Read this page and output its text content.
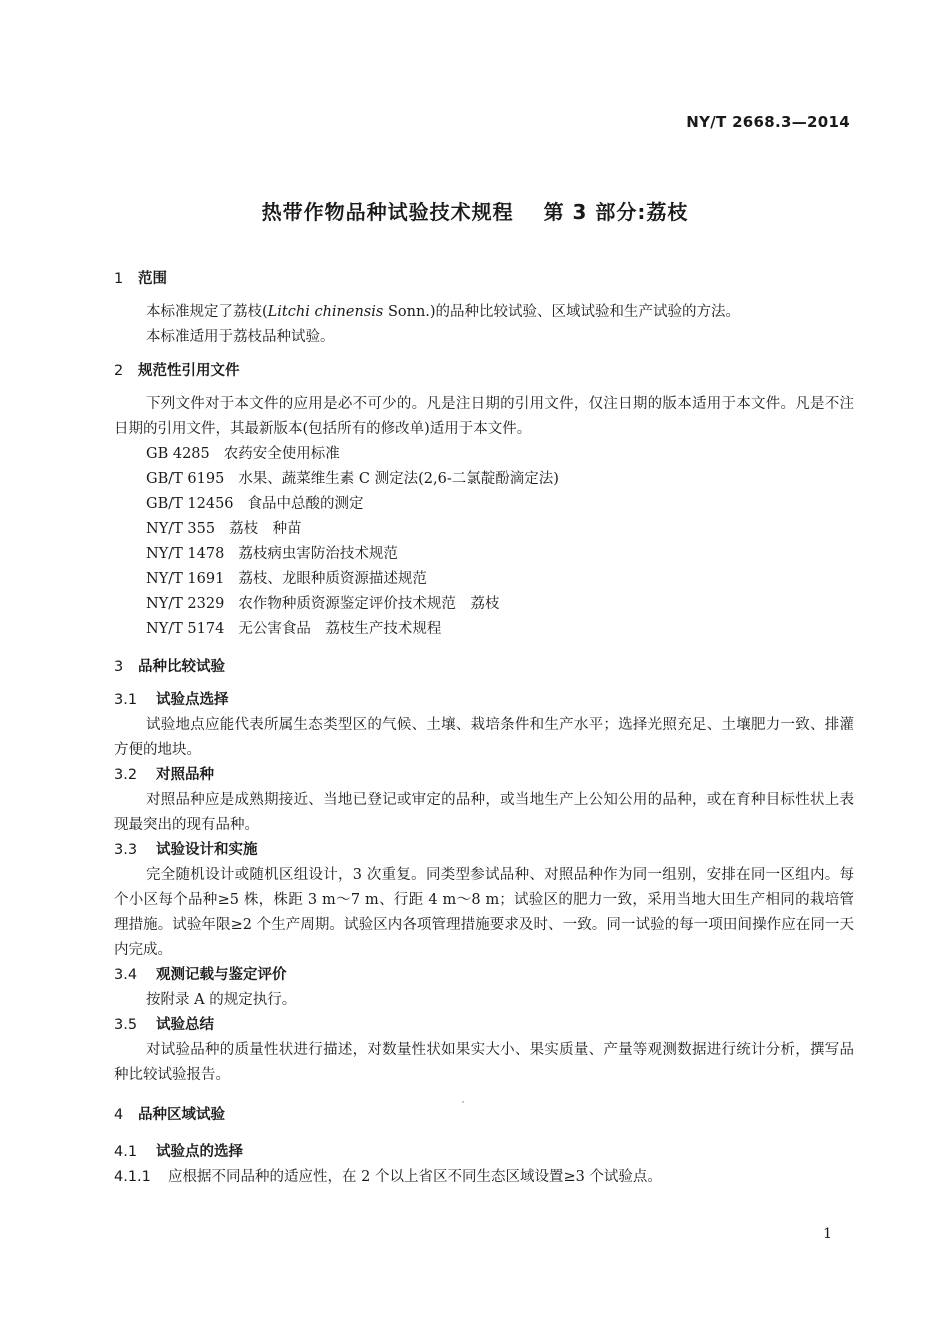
NY/T 2668.3—2014
热带作物品种试验技术规程 第 3 部分:荔枝
1 范围

本标准规定了荔枝(Litchi chinensis Sonn.)的品种比较试验、区域试验和生产试验的方法。

本标准适用于荔枝品种试验。

2 规范性引用文件

下列文件对于本文件的应用是必不可少的。凡是注日期的引用文件，仅注日期的版本适用于本文件。凡是不注日期的引用文件，其最新版本(包括所有的修改单)适用于本文件。

GB 4285 农药安全使用标准
GB/T 6195 水果、蔬菜维生素 C 测定法(2,6-二氯靛酚滴定法)
GB/T 12456 食品中总酸的测定
NY/T 355 荔枝　种苗
NY/T 1478 荔枝病虫害防治技术规范
NY/T 1691 荔枝、龙眼种质资源描述规范
NY/T 2329 农作物种质资源鉴定评价技术规范　荔枝
NY/T 5174 无公害食品　荔枝生产技术规程
3 品种比较试验
3.1 试验点选择

试验地点应能代表所属生态类型区的气候、土壤、栽培条件和生产水平；选择光照充足、土壤肥力一致、排灌方便的地块。

3.2 对照品种

对照品种应是成熟期接近、当地已登记或审定的品种，或当地生产上公知公用的品种，或在育种目标性状上表现最突出的现有品种。

3.3 试验设计和实施

完全随机设计或随机区组设计，3 次重复。同类型参试品种、对照品种作为同一组别，安排在同一区组内。每个小区每个品种≥5 株，株距 3 m～7 m、行距 4 m～8 m；试验区的肥力一致，采用当地大田生产相同的栽培管理措施。试验年限≥2 个生产周期。试验区内各项管理措施要求及时、一致。同一试验的每一项田间操作应在同一天内完成。

3.4 观测记载与鉴定评价

按附录 A 的规定执行。

3.5 试验总结

对试验品种的质量性状进行描述，对数量性状如果实大小、果实质量、产量等观测数据进行统计分析，撰写品种比较试验报告。

4 品种区域试验
4.1 试验点的选择
4.1.1 应根据不同品种的适应性，在 2 个以上省区不同生态区域设置≥3 个试验点。
1
